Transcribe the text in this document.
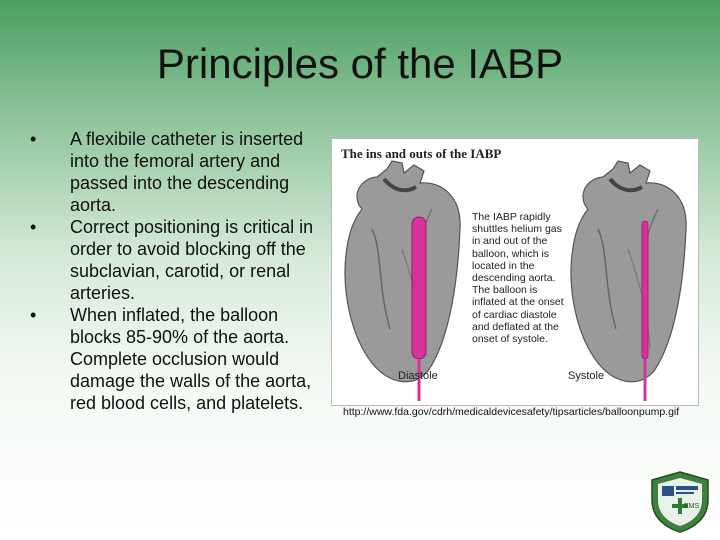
Principles of the IABP
• A flexibile catheter is inserted into the femoral artery and passed into the descending aorta.
• Correct positioning is critical in order to avoid blocking off the subclavian, carotid, or renal arteries.
• When inflated, the balloon blocks 85-90% of the aorta. Complete occlusion would damage the walls of the aorta, red blood cells, and platelets.
The ins and outs of the IABP
Diastole	Systole
The IABP rapidly shuttles helium gas in and out of the balloon, which is located in the descending aorta. The balloon is inflated at the onset of cardiac diastole and deflated at the onset of systole.
http://www.fda.gov/cdrh/medicaldevicesafety/tipsarticles/balloonpump.gif
EMS
